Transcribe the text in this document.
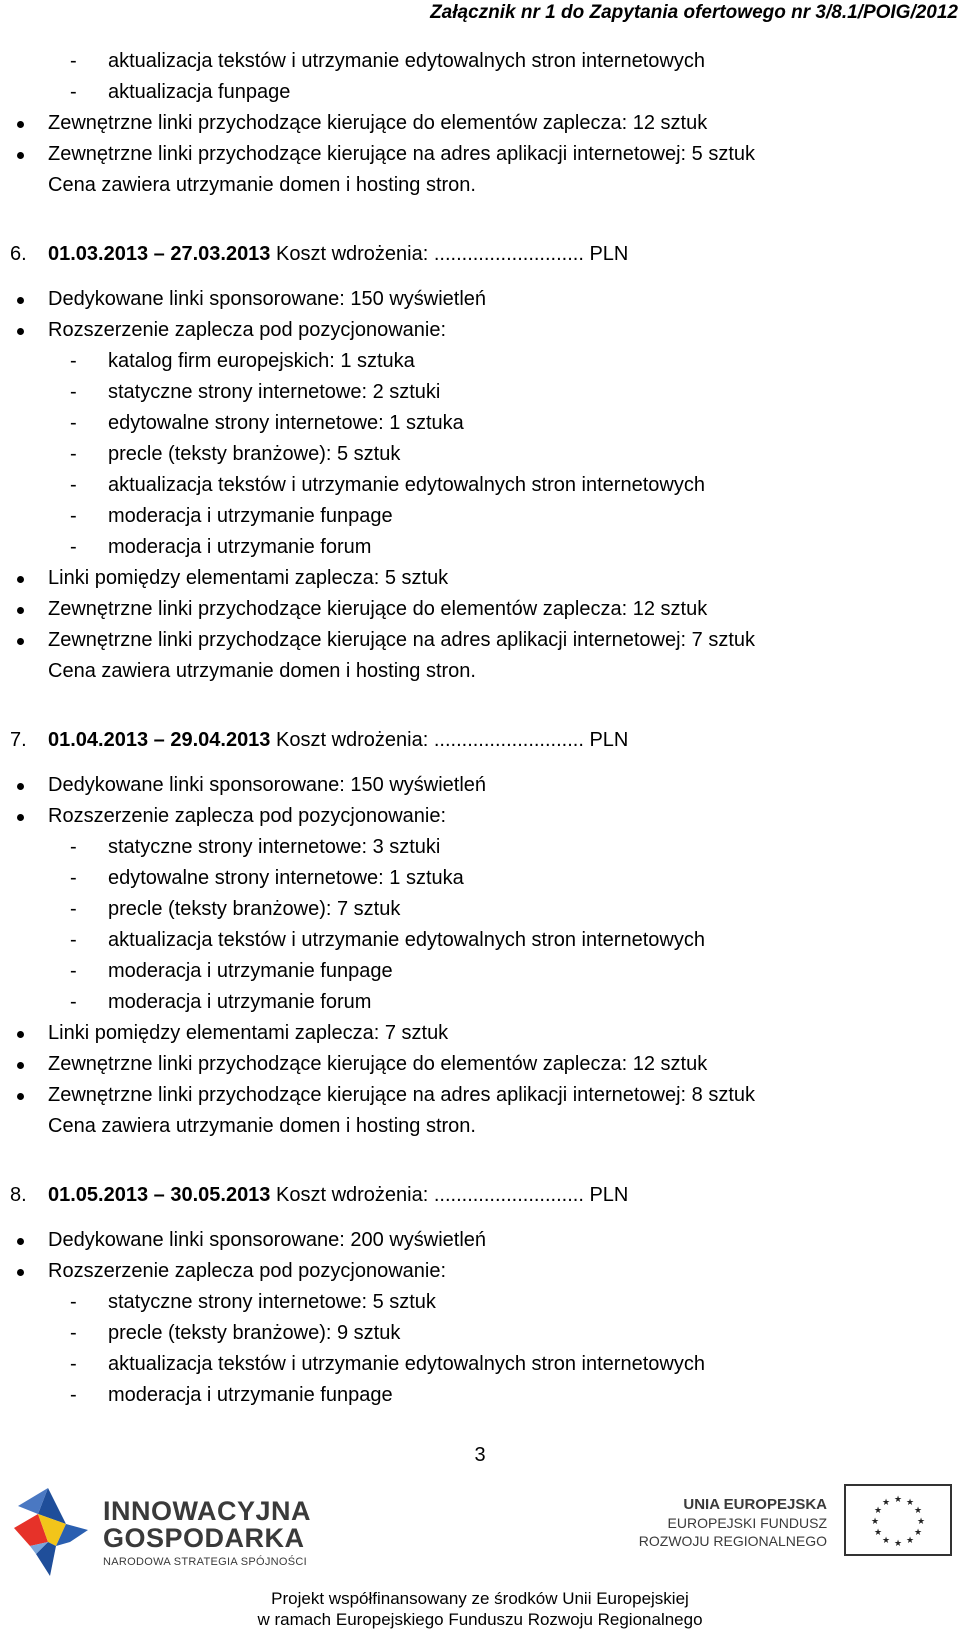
Załącznik nr 1 do Zapytania ofertowego nr 3/8.1/POIG/2012
- aktualizacja tekstów i utrzymanie edytowalnych stron internetowych
- aktualizacja funpage
Zewnętrzne linki przychodzące kierujące do elementów zaplecza: 12 sztuk
Zewnętrzne linki przychodzące kierujące na adres aplikacji internetowej: 5 sztuk
Cena zawiera utrzymanie domen i hosting stron.
6. 01.03.2013 – 27.03.2013 Koszt wdrożenia: ........................... PLN
Dedykowane linki sponsorowane: 150 wyświetleń
Rozszerzenie zaplecza pod pozycjonowanie:
- katalog firm europejskich: 1 sztuka
- statyczne strony internetowe: 2 sztuki
- edytowalne strony internetowe: 1 sztuka
- precle (teksty branżowe): 5 sztuk
- aktualizacja tekstów i utrzymanie edytowalnych stron internetowych
- moderacja i utrzymanie funpage
- moderacja i utrzymanie forum
Linki pomiędzy elementami zaplecza: 5 sztuk
Zewnętrzne linki przychodzące kierujące do elementów zaplecza: 12 sztuk
Zewnętrzne linki przychodzące kierujące na adres aplikacji internetowej: 7 sztuk
Cena zawiera utrzymanie domen i hosting stron.
7. 01.04.2013 – 29.04.2013 Koszt wdrożenia: ........................... PLN
Dedykowane linki sponsorowane: 150 wyświetleń
Rozszerzenie zaplecza pod pozycjonowanie:
- statyczne strony internetowe: 3 sztuki
- edytowalne strony internetowe: 1 sztuka
- precle (teksty branżowe): 7 sztuk
- aktualizacja tekstów i utrzymanie edytowalnych stron internetowych
- moderacja i utrzymanie funpage
- moderacja i utrzymanie forum
Linki pomiędzy elementami zaplecza: 7 sztuk
Zewnętrzne linki przychodzące kierujące do elementów zaplecza: 12 sztuk
Zewnętrzne linki przychodzące kierujące na adres aplikacji internetowej: 8 sztuk
Cena zawiera utrzymanie domen i hosting stron.
8. 01.05.2013 – 30.05.2013 Koszt wdrożenia: ........................... PLN
Dedykowane linki sponsorowane: 200 wyświetleń
Rozszerzenie zaplecza pod pozycjonowanie:
- statyczne strony internetowe: 5 sztuk
- precle (teksty branżowe): 9 sztuk
- aktualizacja tekstów i utrzymanie edytowalnych stron internetowych
- moderacja i utrzymanie funpage
3
INNOWACYJNA
GOSPODARKA
NARODOWA STRATEGIA SPÓJNOŚCI
UNIA EUROPEJSKA
EUROPEJSKI FUNDUSZ
ROZWOJU REGIONALNEGO
★ ★
★
★
★
★
★
★
★
★
★
★
Projekt współfinansowany ze środków Unii Europejskiej
w ramach Europejskiego Funduszu Rozwoju Regionalnego
